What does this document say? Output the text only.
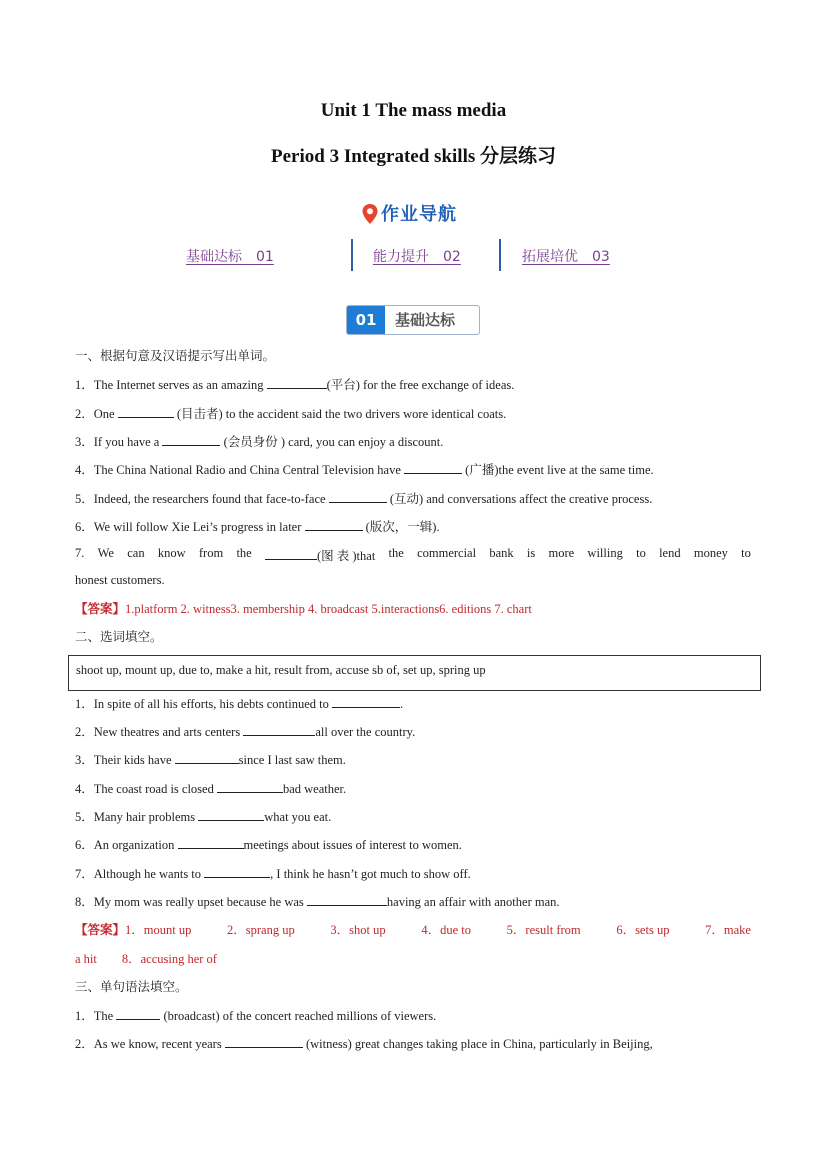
Unit 1 The mass media
Period 3 Integrated skills 分层练习
作业导航
基础达标　01	能力提升　02	拓展培优　03
01	基础达标
一、根据句意及汉语提示写出单词。
1．The Internet serves as an amazing	(平台) for the free exchange of ideas.
2．One	(目击者) to the accident said the two drivers wore identical coats.
3．If you have a	(会员身份 ) card, you can enjoy a discount.
4．The China National Radio and China Central Television have	(广播)the event live at the same time.
5．Indeed, the researchers found that face-to-face	(互动) and conversations affect the creative process.
6．We will follow Xie Lei’s progress in later	(版次，一辑).
7. We can know from the	(图 表 )that the commercial bank is more willing to lend money to
honest customers.
【答案】1.platform 2. witness3. membership 4. broadcast 5.interactions6. editions 7. chart
二、选词填空。
shoot up, mount up, due to, make a hit, result from, accuse sb of, set up, spring up
1．In spite of all his efforts, his debts continued to	.
2．New theatres and arts centers	all over the country.
3．Their kids have	since I last saw them.
4．The coast road is closed	bad weather.
5．Many hair problems	what you eat.
6．An organization	meetings about issues of interest to women.
7．Although he wants to	, I think he hasn’t got much to show off.
8．My mom was really upset because he was	having an affair with another man.
【答案】1．mount up	2．sprang up	3．shot up	4．due to	5．result from	6．sets up	7．make
a hit　　8．accusing her of
三、单句语法填空。
1．The	(broadcast) of the concert reached millions of viewers.
2．As we know, recent years	(witness) great changes taking place in China, particularly in Beijing,
